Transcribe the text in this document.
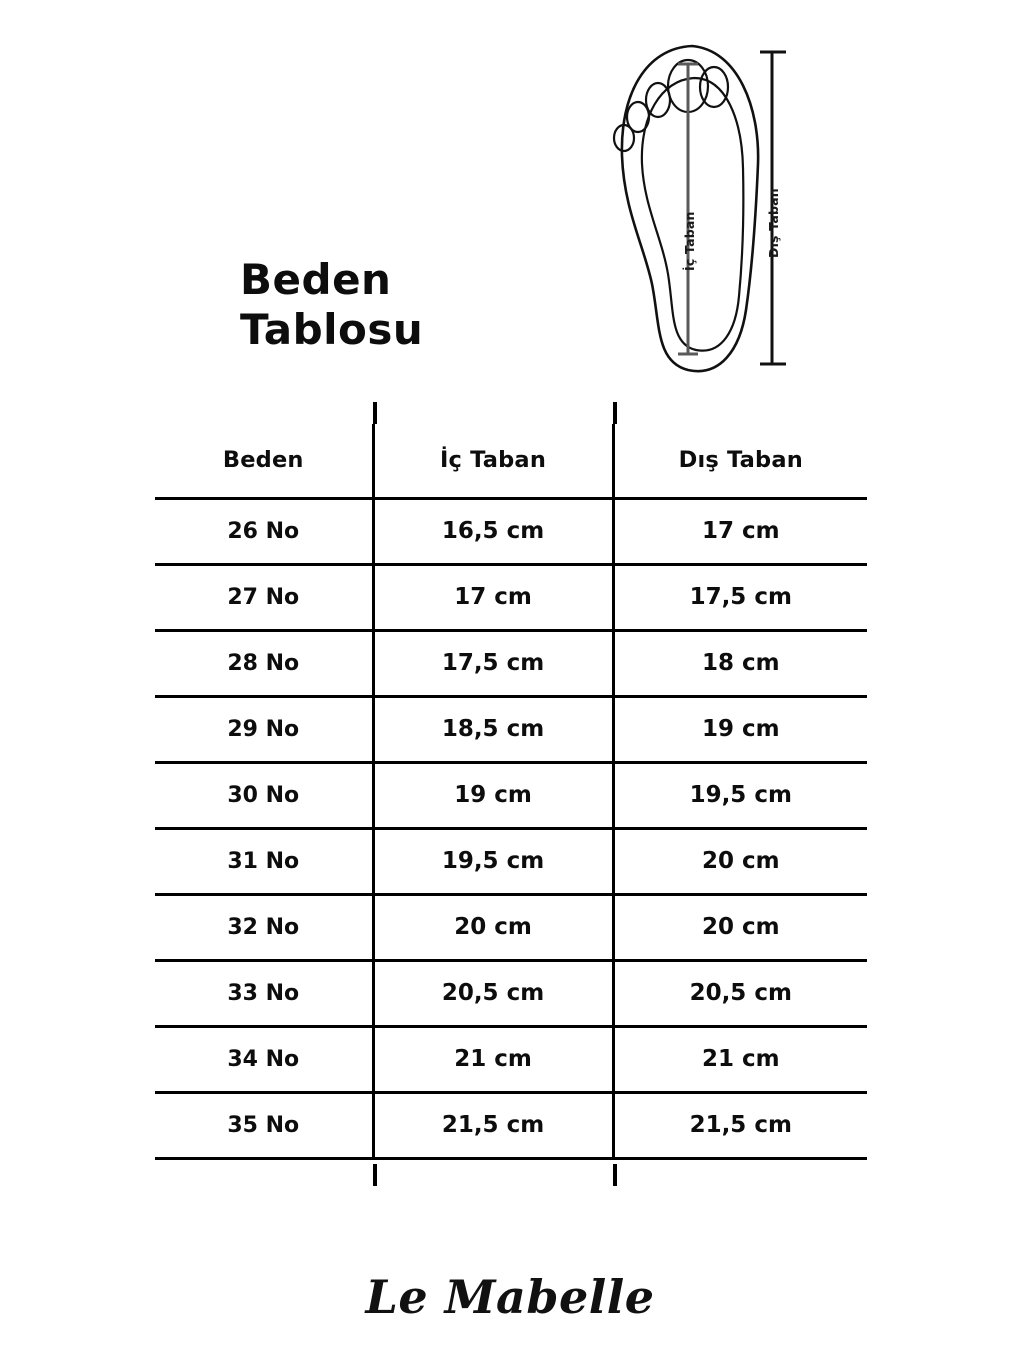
Beden
Tablosu
İç Taban	Dış Taban
Beden	İç Taban	Dış Taban
26 No	16,5 cm	17 cm
27 No	17 cm	17,5 cm
28 No	17,5 cm	18 cm
29 No	18,5 cm	19 cm
30 No	19 cm	19,5 cm
31 No	19,5 cm	20 cm
32 No	20 cm	20 cm
33 No	20,5 cm	20,5 cm
34 No	21 cm	21 cm
35 No	21,5 cm	21,5 cm
Le Mabelle
